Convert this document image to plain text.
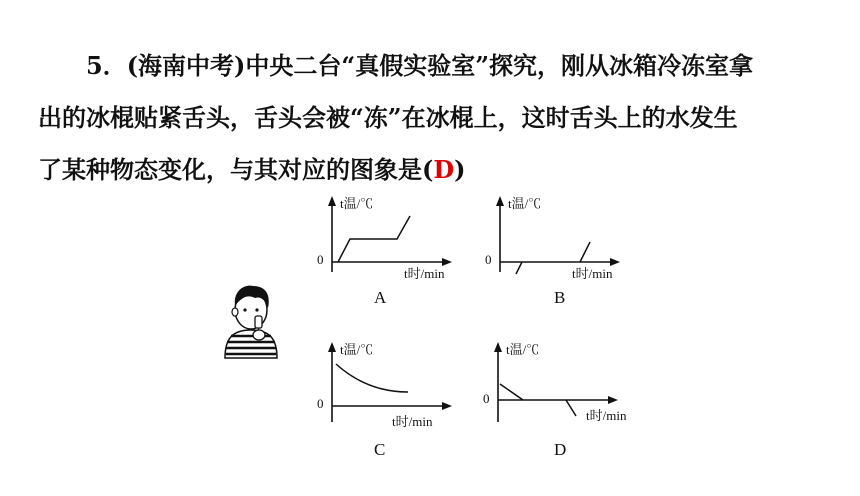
5．(海南中考)中央二台“真假实验室”探究，刚从冰箱冷冻室拿
出的冰棍贴紧舌头，舌头会被“冻”在冰棍上，这时舌头上的水发生
了某种物态变化，与其对应的图象是(D)
t温/℃
0
t时/min
A
t温/℃
0
t时/min
B
t温/℃
0
t时/min
C
t温/℃
0
t时/min
D
